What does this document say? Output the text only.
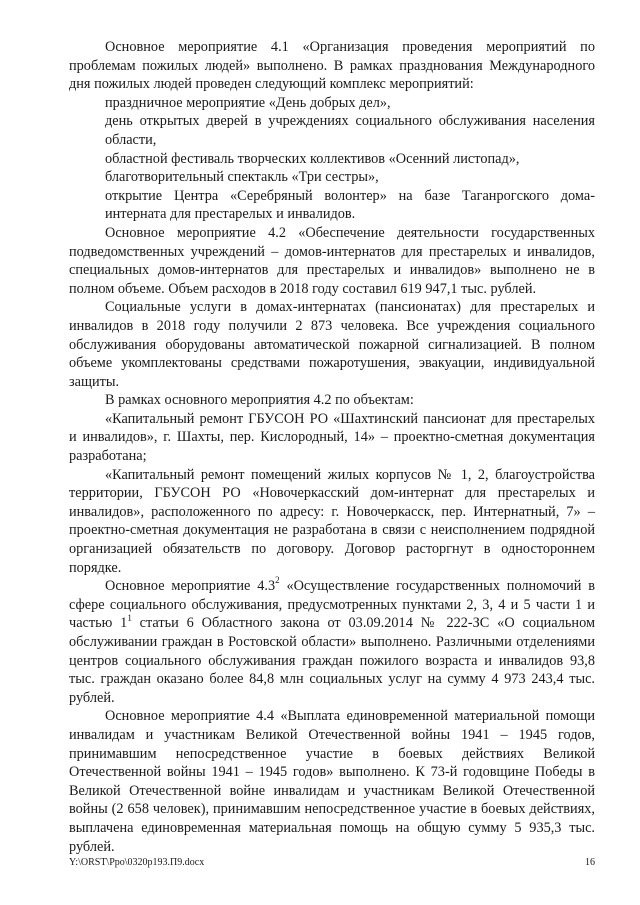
Основное мероприятие 4.1 «Организация проведения мероприятий по проблемам пожилых людей» выполнено. В рамках празднования Международного дня пожилых людей проведен следующий комплекс мероприятий:

праздничное мероприятие «День добрых дел»,

день открытых дверей в учреждениях социального обслуживания населения области,

областной фестиваль творческих коллективов «Осенний листопад»,

благотворительный спектакль «Три сестры»,

открытие Центра «Серебряный волонтер» на базе Таганрогского дома-интерната для престарелых и инвалидов.

Основное мероприятие 4.2 «Обеспечение деятельности государственных подведомственных учреждений – домов-интернатов для престарелых и инвалидов, специальных домов-интернатов для престарелых и инвалидов» выполнено не в полном объеме. Объем расходов в 2018 году составил 619 947,1 тыс. рублей.

Социальные услуги в домах-интернатах (пансионатах) для престарелых и инвалидов в 2018 году получили 2 873 человека. Все учреждения социального обслуживания оборудованы автоматической пожарной сигнализацией. В полном объеме укомплектованы средствами пожаротушения, эвакуации, индивидуальной защиты.

В рамках основного мероприятия 4.2 по объектам:

«Капитальный ремонт ГБУСОН РО «Шахтинский пансионат для престарелых и инвалидов», г. Шахты, пер. Кислородный, 14» – проектно-сметная документация разработана;

«Капитальный ремонт помещений жилых корпусов № 1, 2, благоустройства территории, ГБУСОН РО «Новочеркасский дом-интернат для престарелых и инвалидов», расположенного по адресу: г. Новочеркасск, пер. Интернатный, 7» – проектно-сметная документация не разработана в связи с неисполнением подрядной организацией обязательств по договору. Договор расторгнут в одностороннем порядке.

Основное мероприятие $4.3^2$ «Осуществление государственных полномочий в сфере социального обслуживания, предусмотренных пунктами 2, 3, 4 и 5 части 1 и частью $1^1$ статьи 6 Областного закона от 03.09.2014 № 222-ЗС «О социальном обслуживании граждан в Ростовской области» выполнено. Различными отделениями центров социального обслуживания граждан пожилого возраста и инвалидов 93,8 тыс. граждан оказано более 84,8 млн социальных услуг на сумму 4 973 243,4 тыс. рублей.

Основное мероприятие 4.4 «Выплата единовременной материальной помощи инвалидам и участникам Великой Отечественной войны 1941 – 1945 годов, принимавшим непосредственное участие в боевых действиях Великой Отечественной войны 1941 – 1945 годов» выполнено. К 73-й годовщине Победы в Великой Отечественной войне инвалидам и участникам Великой Отечественной войны (2 658 человек), принимавшим непосредственное участие в боевых действиях, выплачена единовременная материальная помощь на общую сумму 5 935,3 тыс. рублей.

Y:\ORST\Ppo\0320p193.П9.docx	16
